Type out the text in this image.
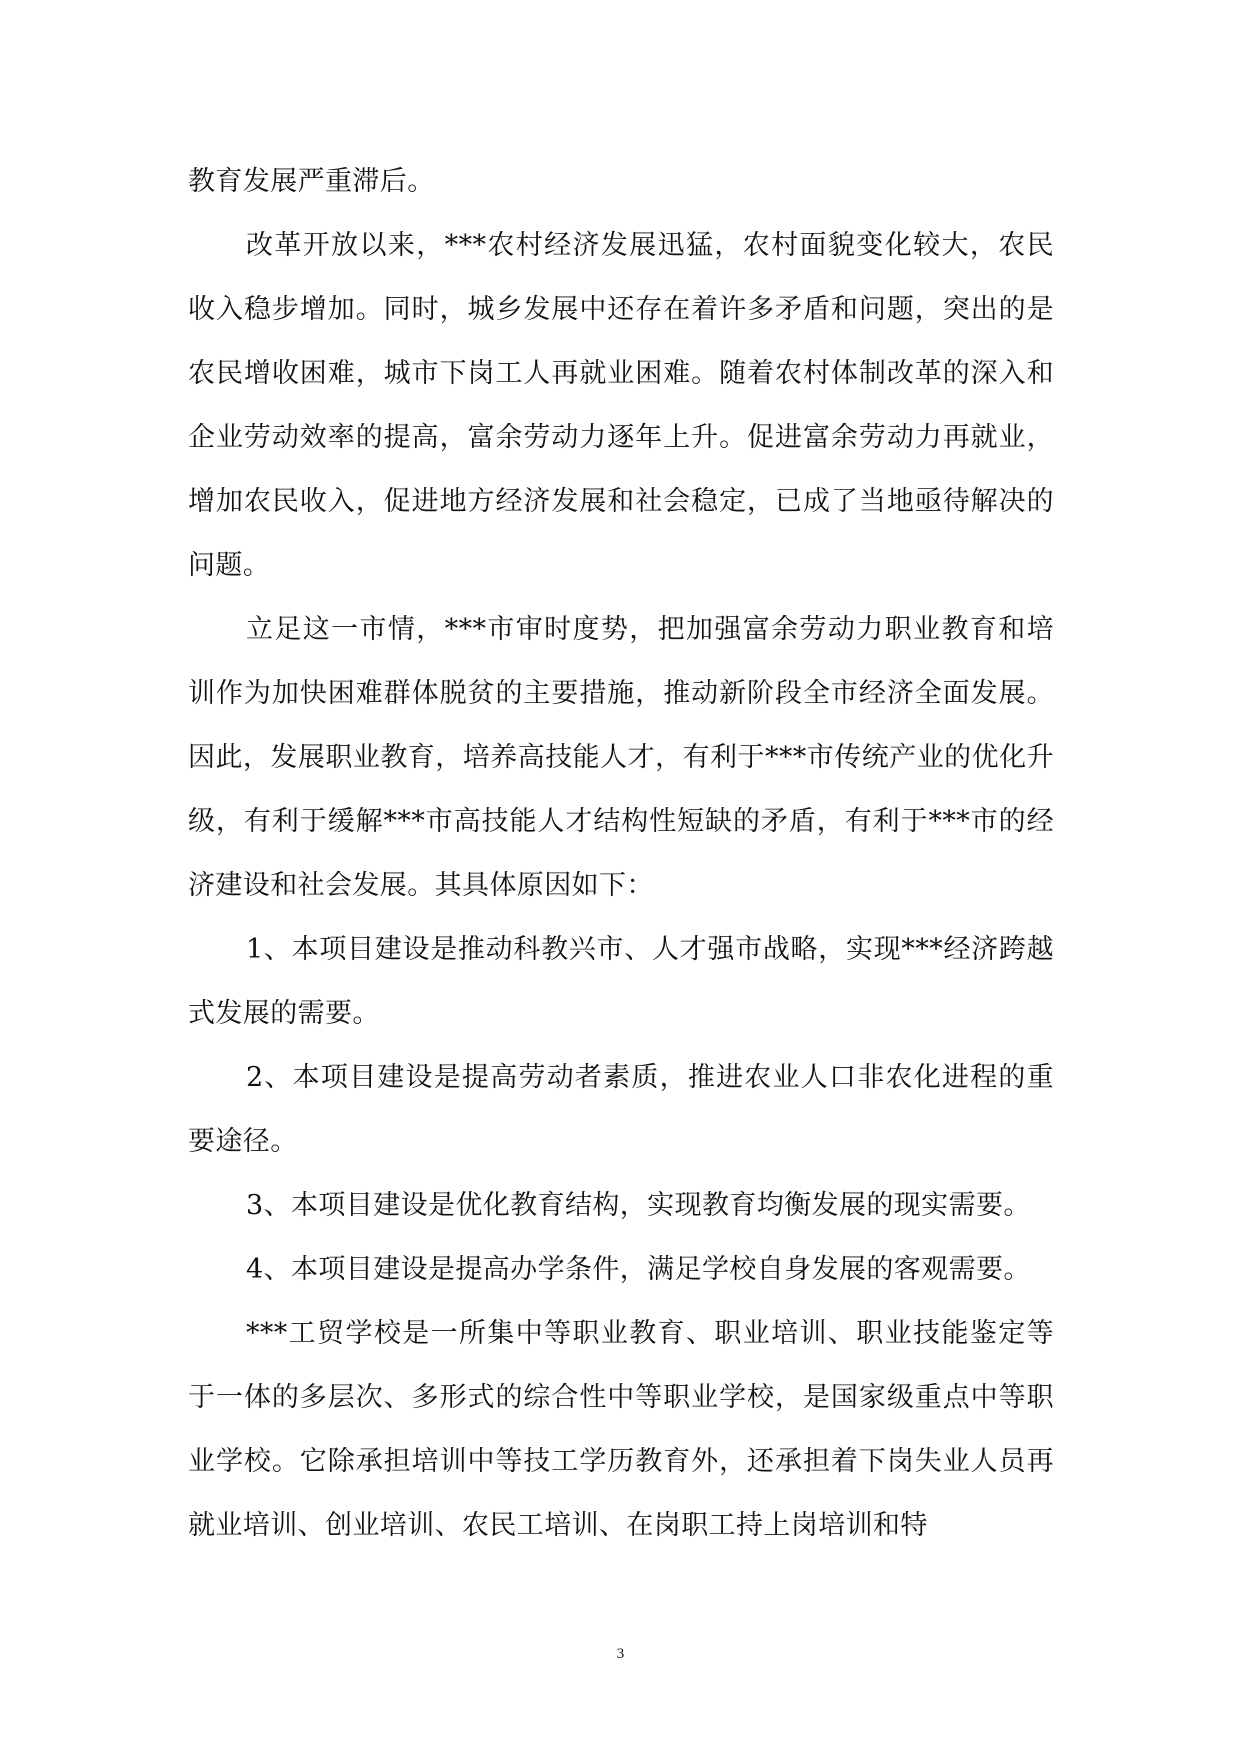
教育发展严重滞后。

改革开放以来，***农村经济发展迅猛，农村面貌变化较大，农民收入稳步增加。同时，城乡发展中还存在着许多矛盾和问题，突出的是农民增收困难，城市下岗工人再就业困难。随着农村体制改革的深入和企业劳动效率的提高，富余劳动力逐年上升。促进富余劳动力再就业，增加农民收入，促进地方经济发展和社会稳定，已成了当地亟待解决的问题。

立足这一市情，***市审时度势，把加强富余劳动力职业教育和培训作为加快困难群体脱贫的主要措施，推动新阶段全市经济全面发展。因此，发展职业教育，培养高技能人才，有利于***市传统产业的优化升级，有利于缓解***市高技能人才结构性短缺的矛盾，有利于***市的经济建设和社会发展。其具体原因如下：

1、本项目建设是推动科教兴市、人才强市战略，实现***经济跨越式发展的需要。

2、本项目建设是提高劳动者素质，推进农业人口非农化进程的重要途径。

3、本项目建设是优化教育结构，实现教育均衡发展的现实需要。

4、本项目建设是提高办学条件，满足学校自身发展的客观需要。

***工贸学校是一所集中等职业教育、职业培训、职业技能鉴定等于一体的多层次、多形式的综合性中等职业学校，是国家级重点中等职业学校。它除承担培训中等技工学历教育外，还承担着下岗失业人员再就业培训、创业培训、农民工培训、在岗职工持上岗培训和特

3
